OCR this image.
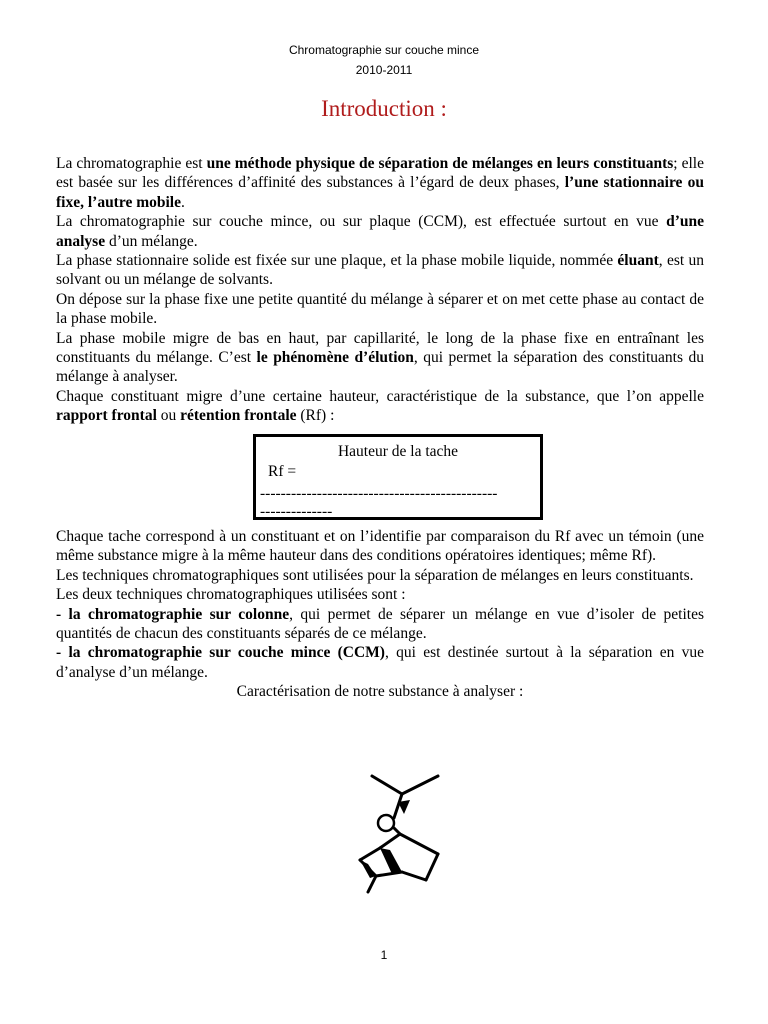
Chromatographie sur couche mince
2010-2011
Introduction :

La chromatographie est une méthode physique de séparation de mélanges en leurs constituants; elle est basée sur les différences d’affinité des substances à l’égard de deux phases, l’une stationnaire ou fixe, l’autre mobile.

La chromatographie sur couche mince, ou sur plaque (CCM), est effectuée surtout en vue d’une analyse d’un mélange.

La phase stationnaire solide est fixée sur une plaque, et la phase mobile liquide, nommée éluant, est un solvant ou un mélange de solvants.

On dépose sur la phase fixe une petite quantité du mélange à séparer et on met cette phase au contact de la phase mobile.

La phase mobile migre de bas en haut, par capillarité, le long de la phase fixe en entraînant les constituants du mélange. C’est le phénomène d’élution, qui permet la séparation des constituants du mélange à analyser.

Chaque constituant migre d’une certaine hauteur, caractéristique de la substance, que l’on appelle rapport frontal ou rétention frontale (Rf) :

Hauteur de la tache
Rf =
----------------------------------------------
--------------

Chaque tache correspond à un constituant et on l’identifie par comparaison du Rf avec un témoin (une même substance migre à la même hauteur dans des conditions opératoires identiques; même Rf).

Les techniques chromatographiques sont utilisées pour la séparation de mélanges en leurs constituants.

Les deux techniques chromatographiques utilisées sont :

- la chromatographie sur colonne, qui permet de séparer un mélange en vue d’isoler de petites quantités de chacun des constituants séparés de ce mélange.

- la chromatographie sur couche mince (CCM), qui est destinée surtout à la séparation en vue d’analyse d’un mélange.

Caractérisation de notre substance à analyser :

1
